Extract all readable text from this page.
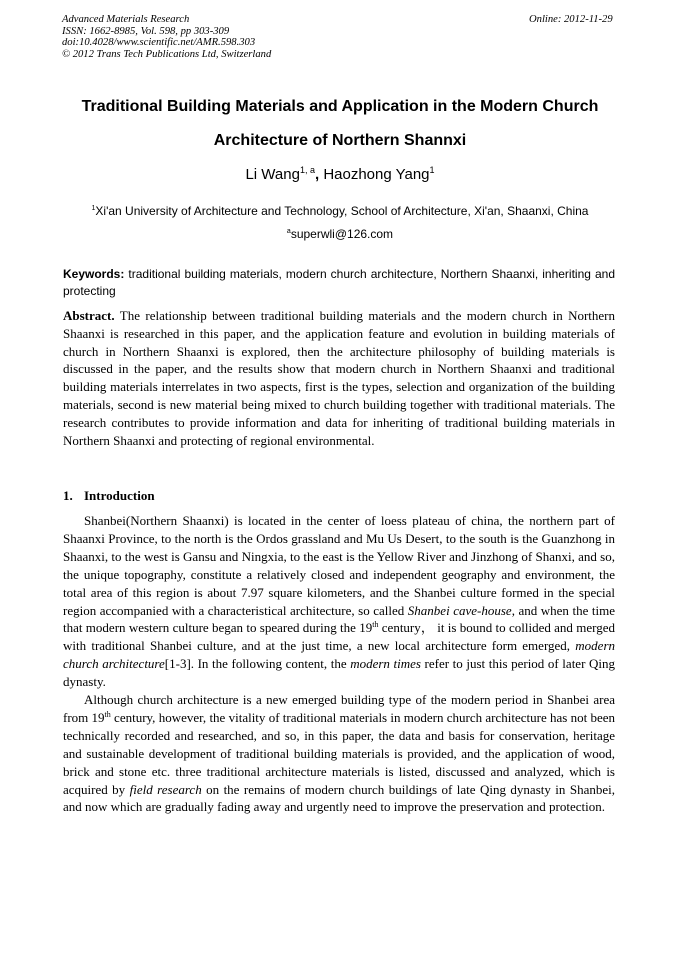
Advanced Materials Research
ISSN: 1662-8985, Vol. 598, pp 303-309
doi:10.4028/www.scientific.net/AMR.598.303
© 2012 Trans Tech Publications Ltd, Switzerland
Online: 2012-11-29
Traditional Building Materials and Application in the Modern Church
Architecture of Northern Shannxi
Li Wang$^{1, a}$, Haozhong Yang$^1$
$^1$Xi'an University of Architecture and Technology, School of Architecture, Xi'an, Shaanxi, China
$^a$superwli@126.com
Keywords: traditional building materials, modern church architecture, Northern Shaanxi, inheriting and protecting
Abstract. The relationship between traditional building materials and the modern church in Northern Shaanxi is researched in this paper, and the application feature and evolution in building materials of church in Northern Shaanxi is explored, then the architecture philosophy of building materials is discussed in the paper, and the results show that modern church in Northern Shaanxi and traditional building materials interrelates in two aspects, first is the types, selection and organization of the building materials, second is new material being mixed to church building together with traditional materials. The research contributes to provide information and data for inheriting of traditional building materials in Northern Shaanxi and protecting of regional environmental.
1. Introduction

Shanbei(Northern Shaanxi) is located in the center of loess plateau of china, the northern part of Shaanxi Province, to the north is the Ordos grassland and Mu Us Desert, to the south is the Guanzhong in Shaanxi, to the west is Gansu and Ningxia, to the east is the Yellow River and Jinzhong of Shanxi, and so, the unique topography, constitute a relatively closed and independent geography and environment, the total area of this region is about 7.97 square kilometers, and the Shanbei culture formed in the special region accompanied with a characteristical architecture, so called Shanbei cave-house, and when the time that modern western culture began to speared during the 19th century， it is bound to collided and merged with traditional Shanbei culture, and at the just time, a new local architecture form emerged, modern church architecture[1-3]. In the following content, the modern times refer to just this period of later Qing dynasty.

Although church architecture is a new emerged building type of the modern period in Shanbei area from 19th century, however, the vitality of traditional materials in modern church architecture has not been technically recorded and researched, and so, in this paper, the data and basis for conservation, heritage and sustainable development of traditional building materials is provided, and the application of wood, brick and stone etc. three traditional architecture materials is listed, discussed and analyzed, which is acquired by field research on the remains of modern church buildings of late Qing dynasty in Shanbei, and now which are gradually fading away and urgently need to improve the preservation and protection.
